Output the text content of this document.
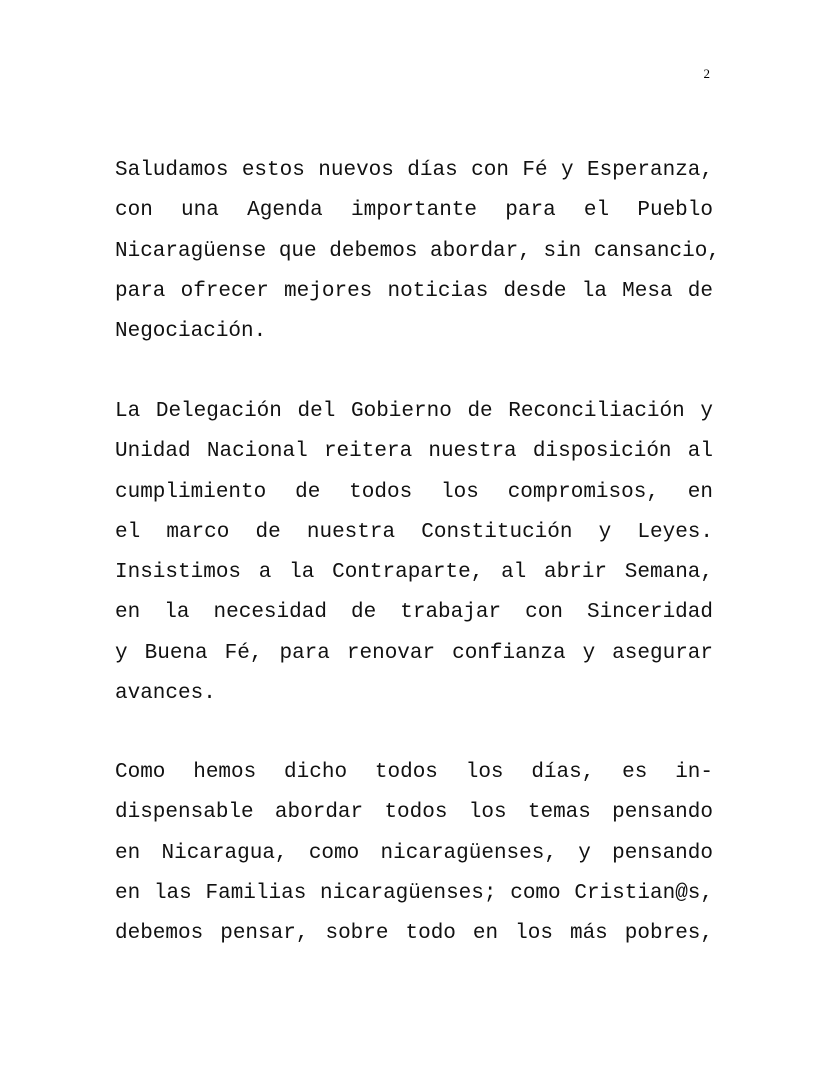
2
Saludamos estos nuevos días con Fé y Esperanza,
con una Agenda importante para el Pueblo
Nicaragüense que debemos abordar, sin cansancio,
para ofrecer mejores noticias desde la Mesa de
Negociación.
La Delegación del Gobierno de Reconciliación y
Unidad Nacional reitera nuestra disposición al
cumplimiento de todos los compromisos, en
el marco de nuestra Constitución y Leyes.
Insistimos a la Contraparte, al abrir Semana,
en la necesidad de trabajar con Sinceridad
y Buena Fé, para renovar confianza y asegurar
avances.
Como hemos dicho todos los días, es in-
dispensable abordar todos los temas pensando
en Nicaragua, como nicaragüenses, y pensando
en las Familias nicaragüenses; como Cristian@s,
debemos pensar, sobre todo en los más pobres,
